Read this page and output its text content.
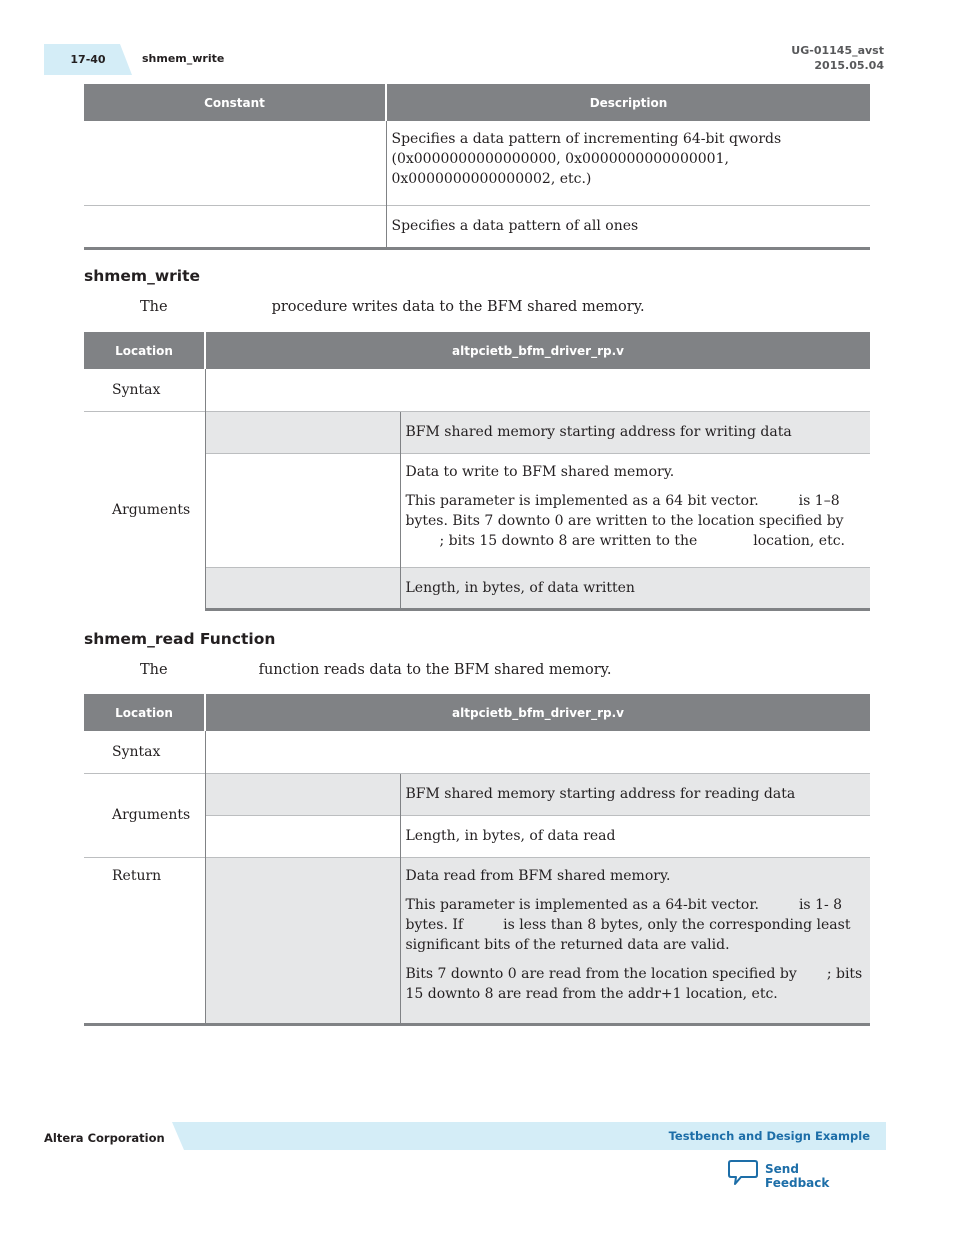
17-40	shmem_write
UG-01145_avst
2015.05.04
Constant	Description
	Specifies a data pattern of incrementing 64-bit qwords (0x0000000000000000, 0x0000000000000001, 0x0000000000000002, etc.)
	Specifies a data pattern of all ones
shmem_write
The	procedure writes data to the BFM shared memory.
Location	altpcietb_bfm_driver_rp.v	
Syntax		
Arguments		BFM shared memory starting address for writing data

		Data to write to BFM shared memory.

This parameter is implemented as a 64 bit vector. is 1–8 bytes. Bits 7 downto 0 are written to the location specified by; bits 15 downto 8 are written to the location, etc.

		Length, in bytes, of data written
shmem_read Function
The	function reads data to the BFM shared memory.
Location	altpcietb_bfm_driver_rp.v	
Syntax		
Arguments		BFM shared memory starting address for reading data
		Length, in bytes, of data read
Return		Data read from BFM shared memory.

This parameter is implemented as a 64-bit vector. is 1- 8 bytes. If is less than 8 bytes, only the corresponding least significant bits of the returned data are valid.

Bits 7 downto 0 are read from the location specified by ; bits 15 downto 8 are read from the addr+1 location, etc.

Altera Corporation	Testbench and Design Example
Send Feedback
